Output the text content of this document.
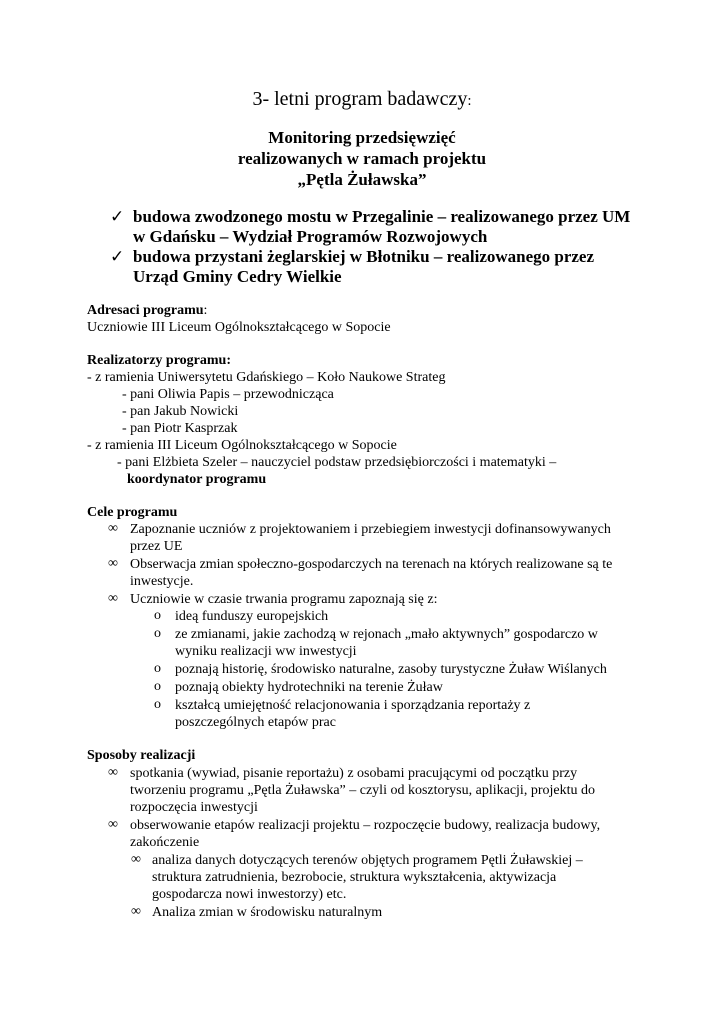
3- letni program badawczy:
Monitoring przedsięwzięć
realizowanych w ramach projektu
„Pętla Żuławska”
✓ budowa zwodzonego mostu w Przegalinie – realizowanego przez UM
w Gdańsku – Wydział Programów Rozwojowych
✓ budowa przystani żeglarskiej w Błotniku – realizowanego przez
Urząd Gminy Cedry Wielkie
Adresaci programu:
Uczniowie III Liceum Ogólnokształcącego w Sopocie
Realizatorzy programu:
- z ramienia Uniwersytetu Gdańskiego – Koło Naukowe Strateg
- pani Oliwia Papis – przewodnicząca
- pan Jakub Nowicki
- pan Piotr Kasprzak
- z ramienia III Liceum Ogólnokształcącego w Sopocie
- pani Elżbieta Szeler – nauczyciel podstaw przedsiębiorczości i matematyki –
koordynator programu
Cele programu
∞ Zapoznanie uczniów z projektowaniem i przebiegiem inwestycji dofinansowywanych
przez UE
∞ Obserwacja zmian społeczno-gospodarczych na terenach na których realizowane są te
inwestycje.
∞ Uczniowie w czasie trwania programu zapoznają się z:
o ideą funduszy europejskich
o ze zmianami, jakie zachodzą w rejonach „mało aktywnych” gospodarczo w
wyniku realizacji ww inwestycji
o poznają historię, środowisko naturalne, zasoby turystyczne Żuław Wiślanych
o poznają obiekty hydrotechniki na terenie Żuław
o kształcą umiejętność relacjonowania i sporządzania reportaży z
poszczególnych etapów prac
Sposoby realizacji
∞ spotkania (wywiad, pisanie reportażu) z osobami pracującymi od początku przy
tworzeniu programu „Pętla Żuławska” – czyli od kosztorysu, aplikacji, projektu do
rozpoczęcia inwestycji
∞ obserwowanie etapów realizacji projektu – rozpoczęcie budowy, realizacja budowy,
zakończenie
∞ analiza danych dotyczących terenów objętych programem Pętli Żuławskiej –
struktura zatrudnienia, bezrobocie, struktura wykształcenia, aktywizacja
gospodarcza nowi inwestorzy) etc.
∞ Analiza zmian w środowisku naturalnym
